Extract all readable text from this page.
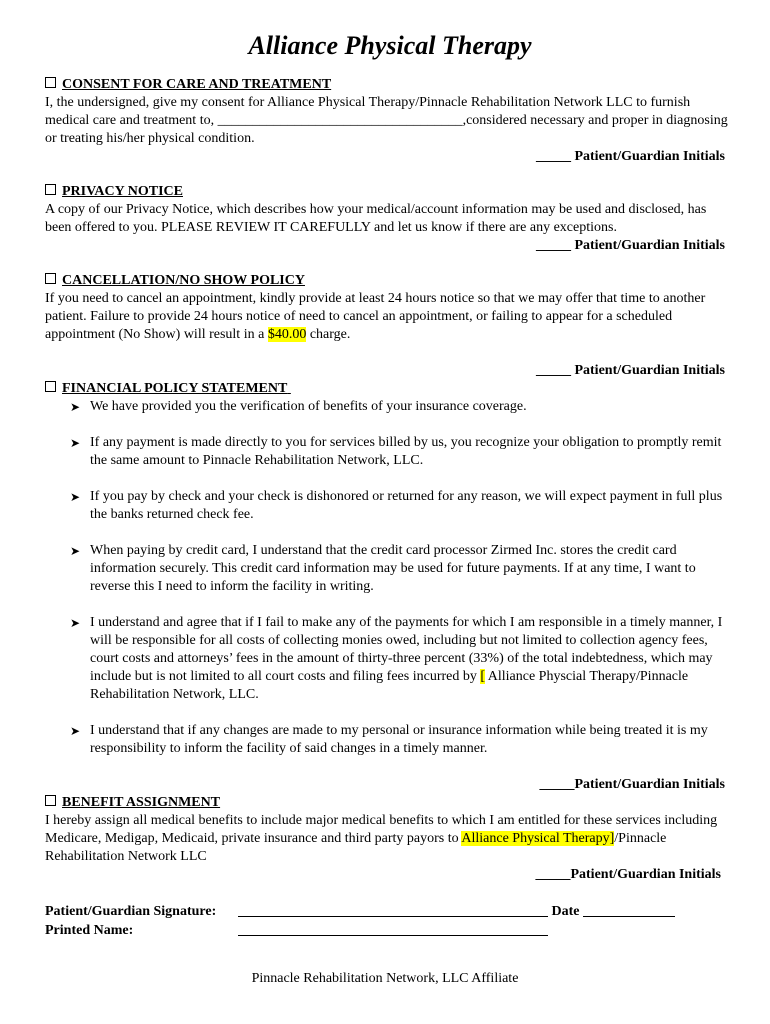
Alliance Physical Therapy
CONSENT FOR CARE AND TREATMENT

I, the undersigned, give my consent for Alliance Physical Therapy/Pinnacle Rehabilitation Network LLC to furnish medical care and treatment to, ___________________________________,considered necessary and proper in diagnosing or treating his/her physical condition.

_____ Patient/Guardian Initials
PRIVACY NOTICE

A copy of our Privacy Notice, which describes how your medical/account information may be used and disclosed, has been offered to you. PLEASE REVIEW IT CAREFULLY and let us know if there are any exceptions.

_____ Patient/Guardian Initials
CANCELLATION/NO SHOW POLICY

If you need to cancel an appointment, kindly provide at least 24 hours notice so that we may offer that time to another patient. Failure to provide 24 hours notice of need to cancel an appointment, or failing to appear for a scheduled appointment (No Show) will result in a $40.00 charge.

_____ Patient/Guardian Initials
FINANCIAL POLICY STATEMENT
➤ We have provided you the verification of benefits of your insurance coverage.
➤ If any payment is made directly to you for services billed by us, you recognize your obligation to promptly remit the same amount to Pinnacle Rehabilitation Network, LLC.
➤ If you pay by check and your check is dishonored or returned for any reason, we will expect payment in full plus the banks returned check fee.
➤ When paying by credit card, I understand that the credit card processor Zirmed Inc. stores the credit card information securely. This credit card information may be used for future payments. If at any time, I want to reverse this I need to inform the facility in writing.
➤ I understand and agree that if I fail to make any of the payments for which I am responsible in a timely manner, I will be responsible for all costs of collecting monies owed, including but not limited to collection agency fees, court costs and attorneys’ fees in the amount of thirty-three percent (33%) of the total indebtedness, which may include but is not limited to all court costs and filing fees incurred by [ Alliance Physcial Therapy/Pinnacle Rehabilitation Network, LLC.
➤ I understand that if any changes are made to my personal or insurance information while being treated it is my responsibility to inform the facility of said changes in a timely manner.
_____Patient/Guardian Initials
BENEFIT ASSIGNMENT

I hereby assign all medical benefits to include major medical benefits to which I am entitled for these services including Medicare, Medigap, Medicaid, private insurance and third party payors to Alliance Physical Therapy]/Pinnacle Rehabilitation Network LLC

_____Patient/Guardian Initials
Patient/Guardian Signature:	Date
Printed Name:
Pinnacle Rehabilitation Network, LLC Affiliate
